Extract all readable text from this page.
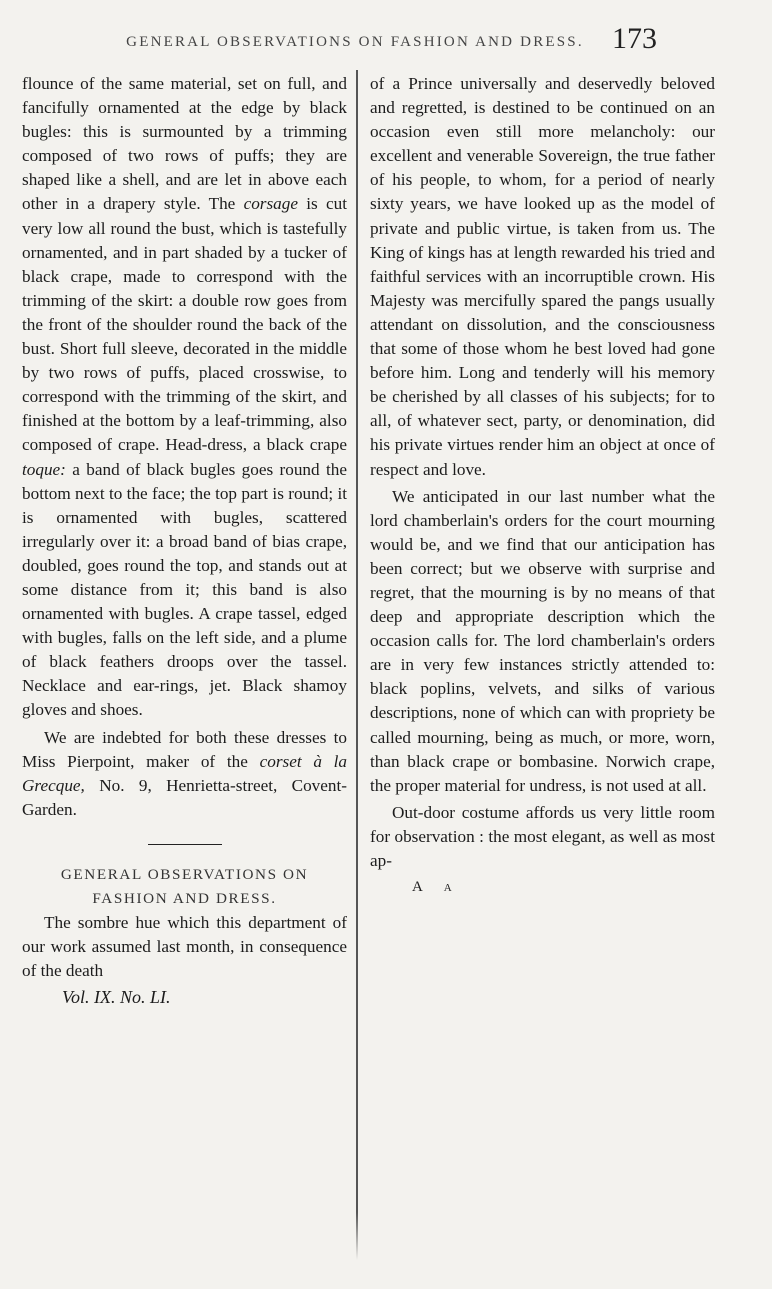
GENERAL OBSERVATIONS ON FASHION AND DRESS. 173

flounce of the same material, set on full, and fancifully ornamented at the edge by black bugles: this is surmounted by a trimming composed of two rows of puffs; they are shaped like a shell, and are let in above each other in a drapery style. The corsage is cut very low all round the bust, which is tastefully ornamented, and in part shaded by a tucker of black crape, made to correspond with the trimming of the skirt: a double row goes from the front of the shoulder round the back of the bust. Short full sleeve, decorated in the middle by two rows of puffs, placed crosswise, to correspond with the trimming of the skirt, and finished at the bottom by a leaf-trimming, also composed of crape. Head-dress, a black crape toque: a band of black bugles goes round the bottom next to the face; the top part is round; it is ornamented with bugles, scattered irregularly over it: a broad band of bias crape, doubled, goes round the top, and stands out at some distance from it; this band is also ornamented with bugles. A crape tassel, edged with bugles, falls on the left side, and a plume of black feathers droops over the tassel. Necklace and ear-rings, jet. Black shamoy gloves and shoes.

We are indebted for both these dresses to Miss Pierpoint, maker of the corset à la Grecque, No. 9, Henrietta-street, Covent-Garden.

GENERAL OBSERVATIONS ON
FASHION AND DRESS.

The sombre hue which this department of our work assumed last month, in consequence of the death

Vol. IX. No. LI.

of a Prince universally and deservedly beloved and regretted, is destined to be continued on an occasion even still more melancholy: our excellent and venerable Sovereign, the true father of his people, to whom, for a period of nearly sixty years, we have looked up as the model of private and public virtue, is taken from us. The King of kings has at length rewarded his tried and faithful services with an incorruptible crown. His Majesty was mercifully spared the pangs usually attendant on dissolution, and the consciousness that some of those whom he best loved had gone before him. Long and tenderly will his memory be cherished by all classes of his subjects; for to all, of whatever sect, party, or denomination, did his private virtues render him an object at once of respect and love.

We anticipated in our last number what the lord chamberlain's orders for the court mourning would be, and we find that our anticipation has been correct; but we observe with surprise and regret, that the mourning is by no means of that deep and appropriate description which the occasion calls for. The lord chamberlain's orders are in very few instances strictly attended to: black poplins, velvets, and silks of various descriptions, none of which can with propriety be called mourning, being as much, or more, worn, than black crape or bombasine. Norwich crape, the proper material for undress, is not used at all.

Out-door costume affords us very little room for observation : the most elegant, as well as most ap-

A a
